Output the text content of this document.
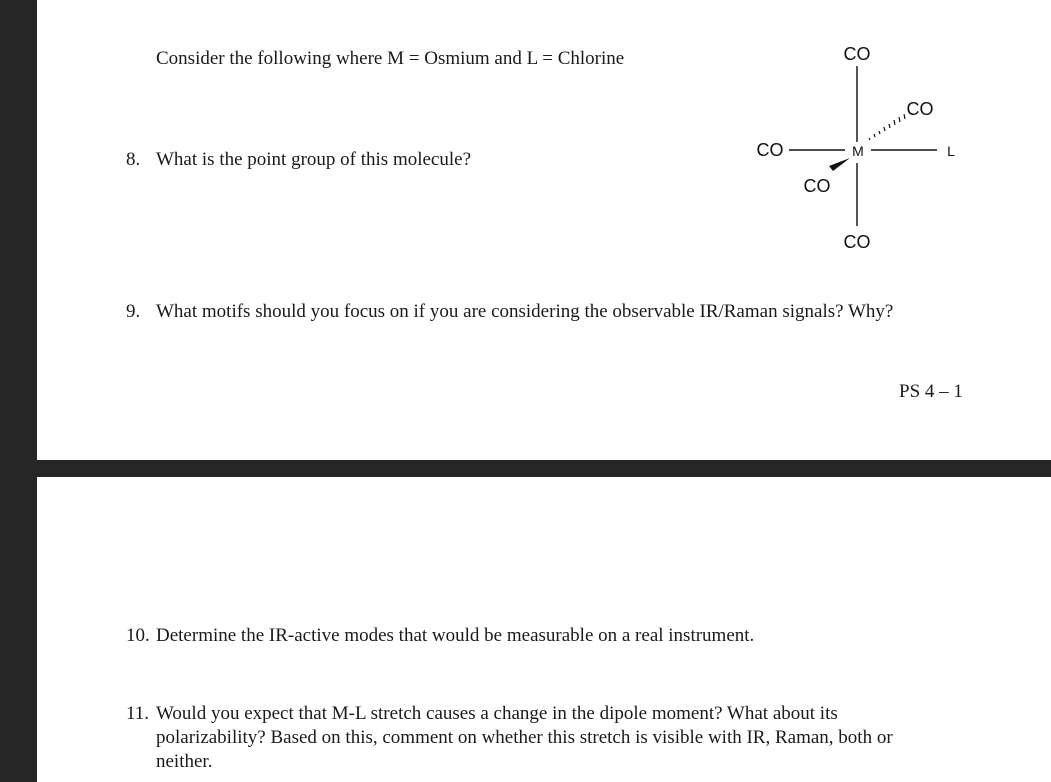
Consider the following where M = Osmium and L = Chlorine
8. What is the point group of this molecule?
CO
CO
CO	M	L
CO
CO
9. What motifs should you focus on if you are considering the observable IR/Raman signals? Why?
PS 4 – 1
10. Determine the IR-active modes that would be measurable on a real instrument.
11. Would you expect that M-L stretch causes a change in the dipole moment? What about its polarizability? Based on this, comment on whether this stretch is visible with IR, Raman, both or neither.
